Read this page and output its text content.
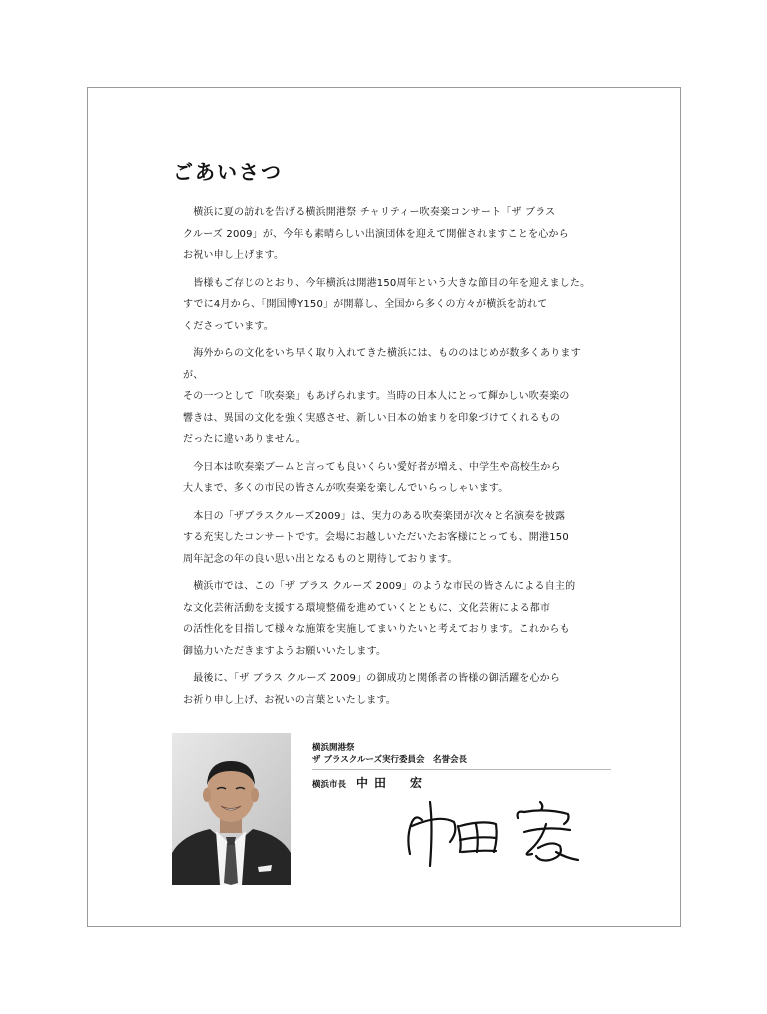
ごあいさつ

　横浜に夏の訪れを告げる横浜開港祭 チャリティー吹奏楽コンサート「ザ ブラス
クルーズ 2009」が、今年も素晴らしい出演団体を迎えて開催されますことを心から
お祝い申し上げます。

　皆様もご存じのとおり、今年横浜は開港150周年という大きな節目の年を迎えました。
すでに4月から、「開国博Y150」が開幕し、全国から多くの方々が横浜を訪れて
くださっています。

　海外からの文化をいち早く取り入れてきた横浜には、もののはじめが数多くありますが、
その一つとして「吹奏楽」もあげられます。当時の日本人にとって輝かしい吹奏楽の
響きは、異国の文化を強く実感させ、新しい日本の始まりを印象づけてくれるもの
だったに違いありません。

　今日本は吹奏楽ブームと言っても良いくらい愛好者が増え、中学生や高校生から
大人まで、多くの市民の皆さんが吹奏楽を楽しんでいらっしゃいます。

　本日の「ザブラスクルーズ2009」は、実力のある吹奏楽団が次々と名演奏を披露
する充実したコンサートです。会場にお越しいただいたお客様にとっても、開港150
周年記念の年の良い思い出となるものと期待しております。

　横浜市では、この「ザ ブラス クルーズ 2009」のような市民の皆さんによる自主的
な文化芸術活動を支援する環境整備を進めていくとともに、文化芸術による都市
の活性化を目指して様々な施策を実施してまいりたいと考えております。これからも
御協力いただきますようお願いいたします。

　最後に、「ザ ブラス クルーズ 2009」の御成功と関係者の皆様の御活躍を心から
お祈り申し上げ、お祝いの言葉といたします。

横浜開港祭
ザ ブラスクルーズ実行委員会　名誉会長
横浜市長 中田　宏
